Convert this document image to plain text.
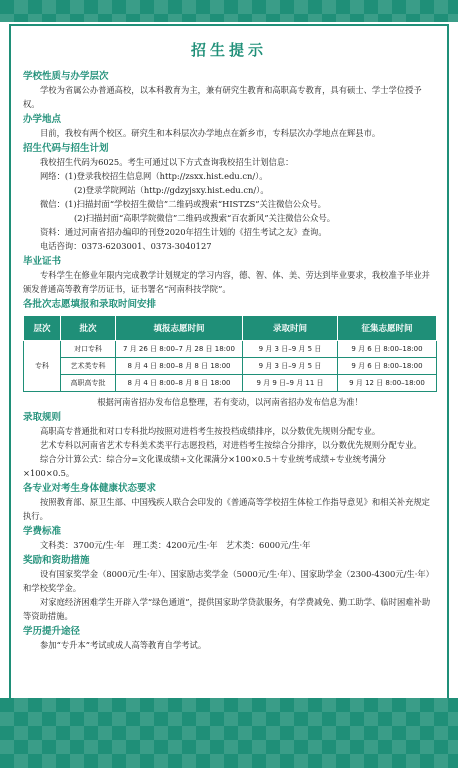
招生提示
学校性质与办学层次
学校为省属公办普通高校，以本科教育为主，兼有研究生教育和高职高专教育，具有硕士、学士学位授予权。
办学地点
目前，我校有两个校区。研究生和本科层次办学地点在新乡市，专科层次办学地点在辉县市。
招生代码与招生计划
我校招生代码为6025。考生可通过以下方式查询我校招生计划信息：
网络：(1)登录我校招生信息网（http://zsxx.hist.edu.cn/）。
(2)登录学院网站（http://gdzyjsxy.hist.edu.cn/）。
微信：(1)扫描封面“学校招生微信”二维码或搜索“HISTZS”关注微信公众号。
(2)扫描封面“高职学院微信”二维码或搜索“百农新风”关注微信公众号。
资料：通过河南省招办编印的刊登2020年招生计划的《招生考试之友》查询。
电话咨询：0373-6203001、0373-3040127
毕业证书
专科学生在修业年限内完成教学计划规定的学习内容，德、智、体、美、劳达到毕业要求，我校准予毕业并颁发普通高等教育学历证书，证书署名“河南科技学院”。
各批次志愿填报和录取时间安排
层次	批次	填报志愿时间	录取时间	征集志愿时间
专科	对口专科	7 月 26 日 8:00–7 月 28 日 18:00	9 月 3 日–9 月 5 日	9 月 6 日 8:00–18:00
	艺术类专科	8 月 4 日 8:00–8 月 8 日 18:00	9 月 3 日–9 月 5 日	9 月 6 日 8:00–18:00
	高职高专批	8 月 4 日 8:00–8 月 8 日 18:00	9 月 9 日–9 月 11 日	9 月 12 日 8:00–18:00
根据河南省招办发布信息整理，若有变动，以河南省招办发布信息为准！
录取规则
高职高专普通批和对口专科批均按照对进档考生按投档成绩排序，以分数优先规则分配专业。
艺术专科以河南省艺术专科美术类平行志愿投档，对进档考生按综合分排序，以分数优先规则分配专业。
综合分计算公式：综合分=文化课成绩÷文化课满分×100×0.5＋专业统考成绩÷专业统考满分×100×0.5。
各专业对考生身体健康状态要求
按照教育部、原卫生部、中国残疾人联合会印发的《普通高等学校招生体检工作指导意见》和相关补充规定执行。
学费标准
文科类：3700元/生·年　理工类：4200元/生·年　艺术类：6000元/生·年
奖励和资助措施
设有国家奖学金（8000元/生·年）、国家励志奖学金（5000元/生·年）、国家助学金（2300-4300元/生·年）和学校奖学金。
对家庭经济困难学生开辟入学“绿色通道”，提供国家助学贷款服务，有学费减免、勤工助学、临时困难补助等资助措施。
学历提升途径
参加“专升本”考试或成人高等教育自学考试。
